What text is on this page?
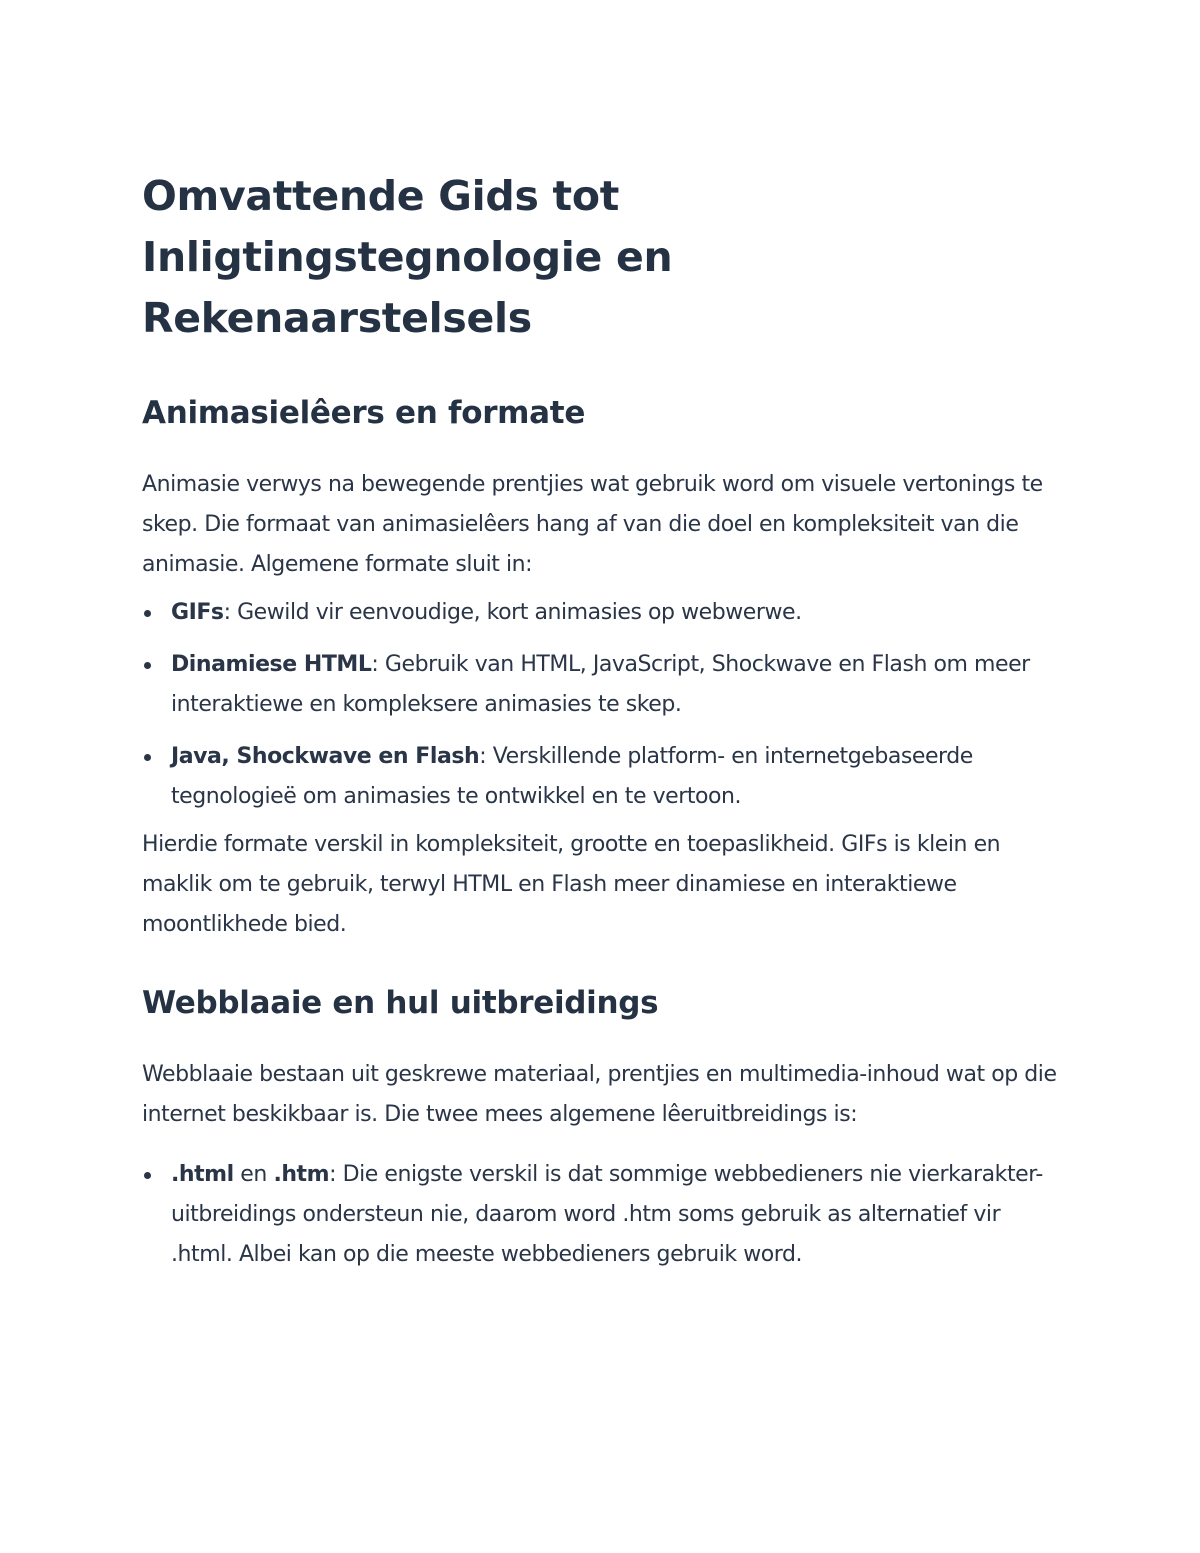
Omvattende Gids tot Inligtingstegnologie en Rekenaarstelsels
Animasielêers en formate

Animasie verwys na bewegende prentjies wat gebruik word om visuele vertonings te skep. Die formaat van animasielêers hang af van die doel en kompleksiteit van die animasie. Algemene formate sluit in:

GIFs: Gewild vir eenvoudige, kort animasies op webwerwe.
Dinamiese HTML: Gebruik van HTML, JavaScript, Shockwave en Flash om meer interaktiewe en kompleksere animasies te skep.
Java, Shockwave en Flash: Verskillende platform- en internetgebaseerde tegnologieë om animasies te ontwikkel en te vertoon.

Hierdie formate verskil in kompleksiteit, grootte en toepaslikheid. GIFs is klein en maklik om te gebruik, terwyl HTML en Flash meer dinamiese en interaktiewe moontlikhede bied.

Webblaaie en hul uitbreidings

Webblaaie bestaan uit geskrewe materiaal, prentjies en multimedia-inhoud wat op die internet beskikbaar is. Die twee mees algemene lêeruitbreidings is:

.html en .htm: Die enigste verskil is dat sommige webbedieners nie vierkarakter-uitbreidings ondersteun nie, daarom word .htm soms gebruik as alternatief vir .html. Albei kan op die meeste webbedieners gebruik word.
